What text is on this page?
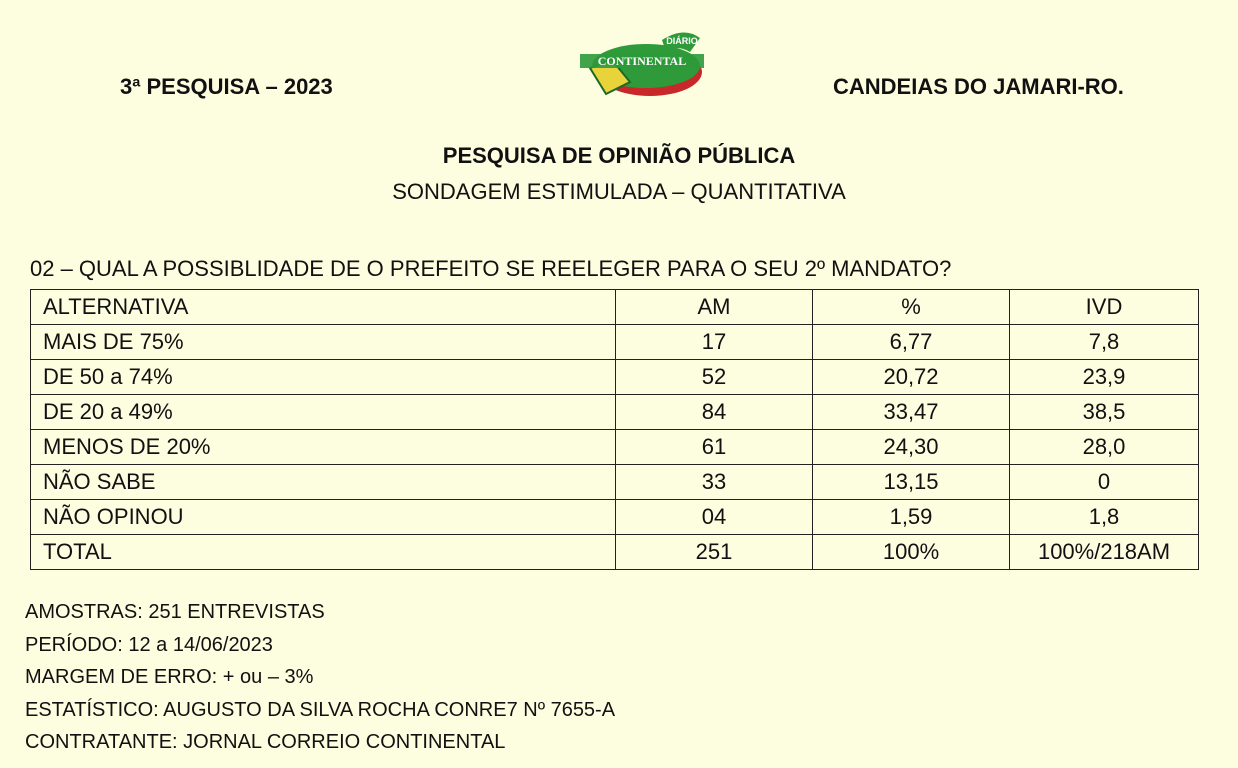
3ª PESQUISA – 2023
DIÁRIO
CONTINENTAL
CANDEIAS DO JAMARI-RO.
PESQUISA DE OPINIÃO PÚBLICA
SONDAGEM ESTIMULADA – QUANTITATIVA
02 – QUAL A POSSIBLIDADE DE O PREFEITO SE REELEGER PARA O SEU 2º MANDATO?
ALTERNATIVA	AM	%	IVD
MAIS DE 75%	17	6,77	7,8
DE 50 a 74%	52	20,72	23,9
DE 20 a 49%	84	33,47	38,5
MENOS DE 20%	61	24,30	28,0
NÃO SABE	33	13,15	0
NÃO OPINOU	04	1,59	1,8
TOTAL	251	100%	100%/218AM
AMOSTRAS: 251 ENTREVISTAS
PERÍODO: 12 a 14/06/2023
MARGEM DE ERRO: + ou – 3%
ESTATÍSTICO: AUGUSTO DA SILVA ROCHA CONRE7 Nº 7655-A
CONTRATANTE: JORNAL CORREIO CONTINENTAL
